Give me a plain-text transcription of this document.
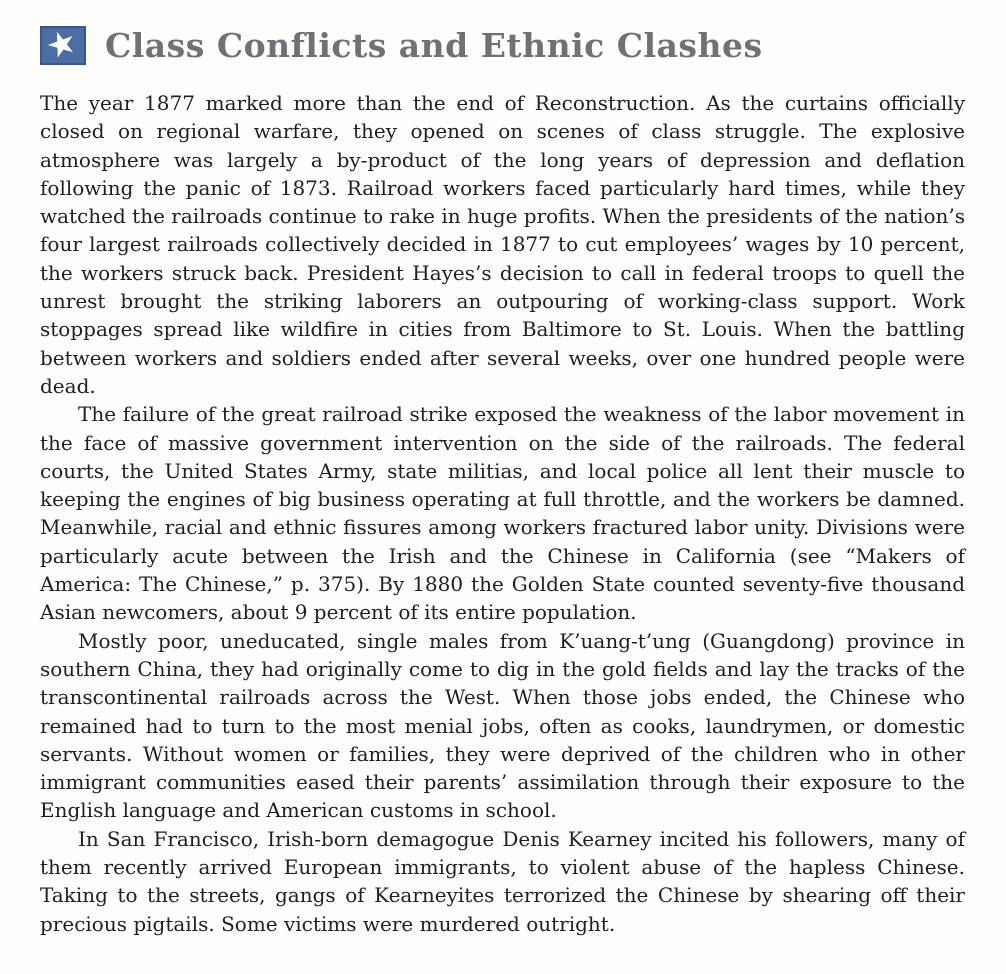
★ Class Conflicts and Ethnic Clashes

The year 1877 marked more than the end of Reconstruction. As the curtains officially closed on regional warfare, they opened on scenes of class struggle. The explosive atmosphere was largely a by-product of the long years of depression and deflation following the panic of 1873. Railroad workers faced particularly hard times, while they watched the railroads continue to rake in huge profits. When the presidents of the nation’s four largest railroads collectively decided in 1877 to cut employees’ wages by 10 percent, the workers struck back. President Hayes’s decision to call in federal troops to quell the unrest brought the striking laborers an outpouring of working-class support. Work stoppages spread like wildfire in cities from Baltimore to St. Louis. When the battling between workers and soldiers ended after several weeks, over one hundred people were dead.

The failure of the great railroad strike exposed the weakness of the labor movement in the face of massive government intervention on the side of the railroads. The federal courts, the United States Army, state militias, and local police all lent their muscle to keeping the engines of big business operating at full throttle, and the workers be damned. Meanwhile, racial and ethnic fissures among workers fractured labor unity. Divisions were particularly acute between the Irish and the Chinese in California (see “Makers of America: The Chinese,” p. 375). By 1880 the Golden State counted seventy-five thousand Asian newcomers, about 9 percent of its entire population.

Mostly poor, uneducated, single males from K’uang-t’ung (Guangdong) province in southern China, they had originally come to dig in the gold fields and lay the tracks of the transcontinental railroads across the West. When those jobs ended, the Chinese who remained had to turn to the most menial jobs, often as cooks, laundrymen, or domestic servants. Without women or families, they were deprived of the children who in other immigrant communities eased their parents’ assimilation through their exposure to the English language and American customs in school.

In San Francisco, Irish-born demagogue Denis Kearney incited his followers, many of them recently arrived European immigrants, to violent abuse of the hapless Chinese. Taking to the streets, gangs of Kearneyites terrorized the Chinese by shearing off their precious pigtails. Some victims were murdered outright.
